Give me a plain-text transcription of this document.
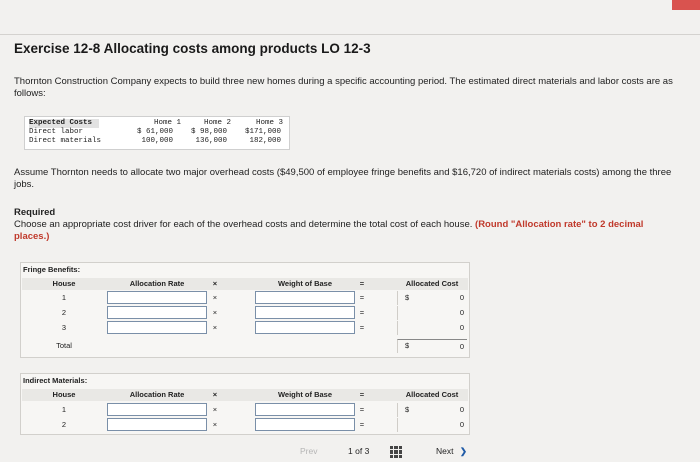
Exercise 12-8 Allocating costs among products LO 12-3
Thornton Construction Company expects to build three new homes during a specific accounting period. The estimated direct materials and labor costs are as follows:
Expected Costs	Home 1	Home 2	Home 3
Direct labor	$ 61,000	$ 98,000	$171,000
Direct materials	100,000	136,000	182,000
Assume Thornton needs to allocate two major overhead costs ($49,500 of employee fringe benefits and $16,720 of indirect materials costs) among the three jobs.
Required
Choose an appropriate cost driver for each of the overhead costs and determine the total cost of each house. (Round "Allocation rate" to 2 decimal places.)
Fringe Benefits:
House	Allocation Rate	×	Weight of Base	=	Allocated Cost
1	×	=	$	0
2	×	=	0
3	×	=	0
Total	$	0
Indirect Materials:
House	Allocation Rate	×	Weight of Base	=	Allocated Cost
1	×	=	$	0
2	×	=	0
Prev	1 of 3	Next ❯
